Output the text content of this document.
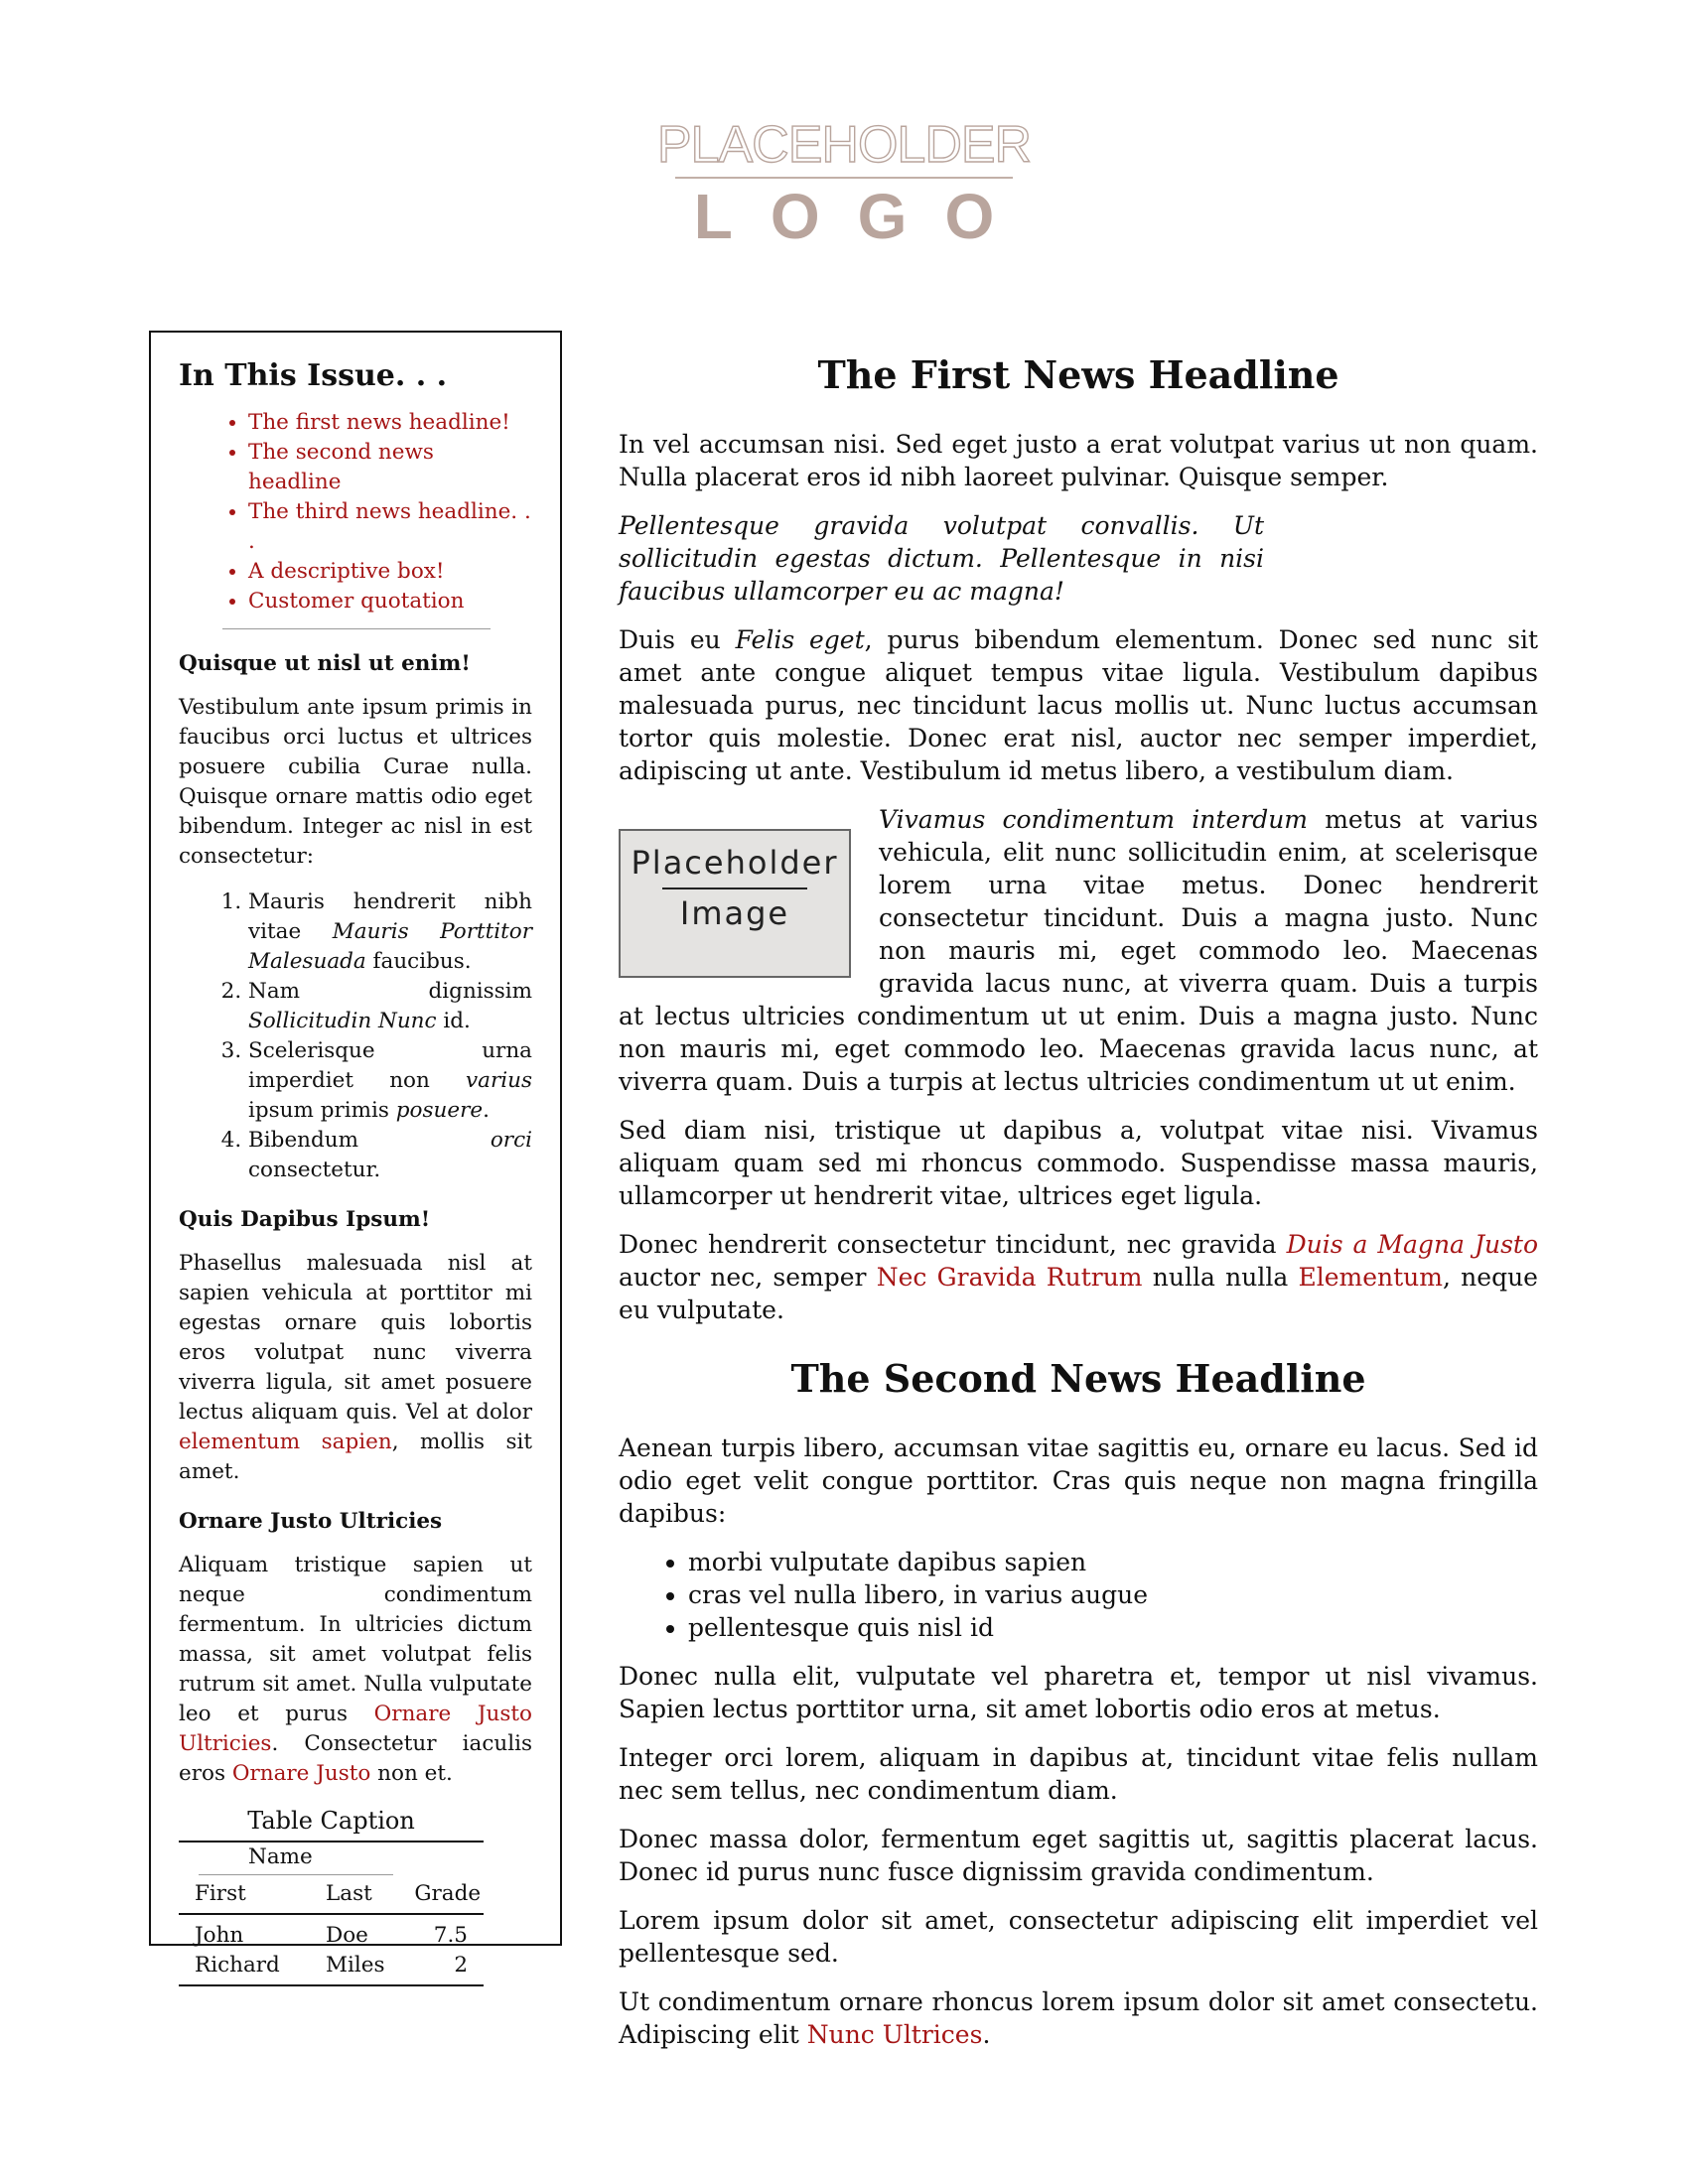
PLACEHOLDER
LOGO
In This Issue. . .
• The first news headline!
• The second news headline
• The third news headline. . .
• A descriptive box!
• Customer quotation
Quisque ut nisl ut enim!

Vestibulum ante ipsum primis in faucibus orci luctus et ultrices posuere cubilia Curae nulla. Quisque ornare mattis odio eget bibendum. Integer ac nisl in est consectetur:

1. Mauris hendrerit nibh vitae Mauris Porttitor Malesuada faucibus.
2. Nam dignissim Sollicitudin Nunc id.
3. Scelerisque urna imperdiet non varius ipsum primis posuere.
4. Bibendum orci consectetur.
Quis Dapibus Ipsum!

Phasellus malesuada nisl at sapien vehicula at porttitor mi egestas ornare quis lobortis eros volutpat nunc viverra viverra ligula, sit amet posuere lectus aliquam quis. Vel at dolor elementum sapien, mollis sit amet.

Ornare Justo Ultricies

Aliquam tristique sapien ut neque condimentum fermentum. In ultricies dictum massa, sit amet volutpat felis rutrum sit amet. Nulla vulputate leo et purus Ornare Justo Ultricies. Consectetur iaculis eros Ornare Justo non et.

Table Caption
Name		

First	Last	Grade
John	Doe	7.5
Richard	Miles	2
The First News Headline

In vel accumsan nisi. Sed eget justo a erat volutpat varius ut non quam. Nulla placerat eros id nibh laoreet pulvinar. Quisque semper.

Pellentesque gravida volutpat convallis. Ut sollicitudin egestas dictum. Pellentesque in nisi faucibus ullamcorper eu ac magna!

Duis eu Felis eget, purus bibendum elementum. Donec sed nunc sit amet ante congue aliquet tempus vitae ligula. Vestibulum dapibus malesuada purus, nec tincidunt lacus mollis ut. Nunc luctus accumsan tortor quis molestie. Donec erat nisl, auctor nec semper imperdiet, adipiscing ut ante. Vestibulum id metus libero, a vestibulum diam.

Placeholder
Image

Vivamus condimentum interdum metus at varius vehicula, elit nunc sollicitudin enim, at scelerisque lorem urna vitae metus. Donec hendrerit consectetur tincidunt. Duis a magna justo. Nunc non mauris mi, eget commodo leo. Maecenas gravida lacus nunc, at viverra quam. Duis a turpis at lectus ultricies condimentum ut ut enim. Duis a magna justo. Nunc non mauris mi, eget commodo leo. Maecenas gravida lacus nunc, at viverra quam. Duis a turpis at lectus ultricies condimentum ut ut enim.

Sed diam nisi, tristique ut dapibus a, volutpat vitae nisi. Vivamus aliquam quam sed mi rhoncus commodo. Suspendisse massa mauris, ullamcorper ut hendrerit vitae, ultrices eget ligula.

Donec hendrerit consectetur tincidunt, nec gravida Duis a Magna Justo auctor nec, semper Nec Gravida Rutrum nulla nulla Elementum, neque eu vulputate.

The Second News Headline

Aenean turpis libero, accumsan vitae sagittis eu, ornare eu lacus. Sed id odio eget velit congue porttitor. Cras quis neque non magna fringilla dapibus:

• morbi vulputate dapibus sapien
• cras vel nulla libero, in varius augue
• pellentesque quis nisl id

Donec nulla elit, vulputate vel pharetra et, tempor ut nisl vivamus. Sapien lectus porttitor urna, sit amet lobortis odio eros at metus.

Integer orci lorem, aliquam in dapibus at, tincidunt vitae felis nullam nec sem tellus, nec condimentum diam.

Donec massa dolor, fermentum eget sagittis ut, sagittis placerat lacus. Donec id purus nunc fusce dignissim gravida condimentum.

Lorem ipsum dolor sit amet, consectetur adipiscing elit imperdiet vel pellentesque sed.

Ut condimentum ornare rhoncus lorem ipsum dolor sit amet consectetu. Adipiscing elit Nunc Ultrices.
